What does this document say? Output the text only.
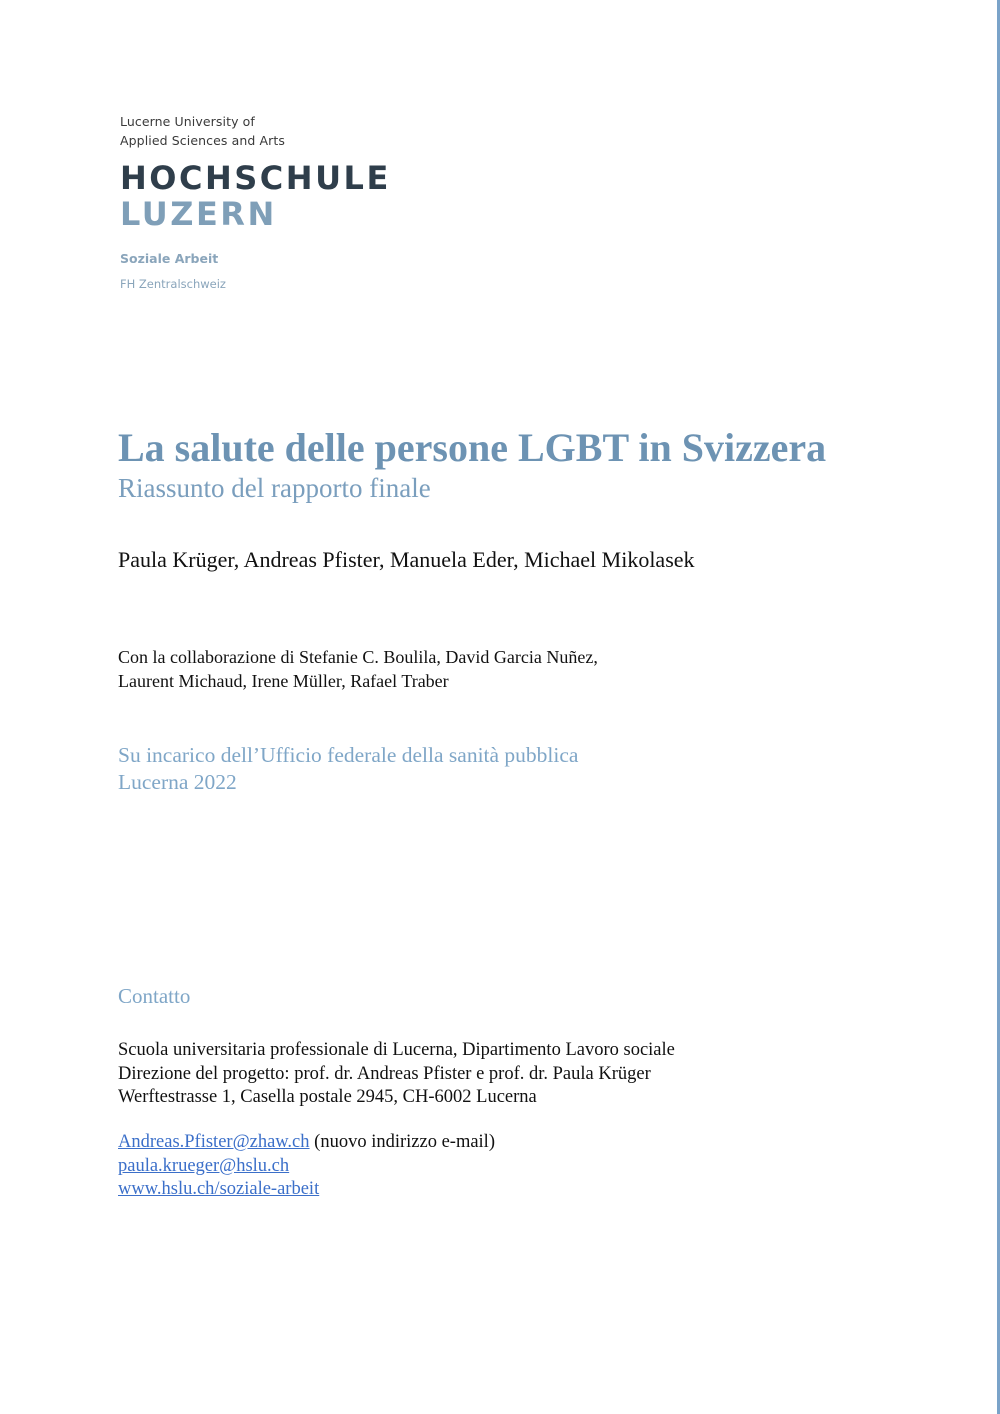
Lucerne University of
Applied Sciences and Arts
HOCHSCHULE
LUZERN
Soziale Arbeit
FH Zentralschweiz
La salute delle persone LGBT in Svizzera
Riassunto del rapporto finale
Paula Krüger, Andreas Pfister, Manuela Eder, Michael Mikolasek
Con la collaborazione di Stefanie C. Boulila, David Garcia Nuñez,
Laurent Michaud, Irene Müller, Rafael Traber
Su incarico dell’Ufficio federale della sanità pubblica
Lucerna 2022
Contatto
Scuola universitaria professionale di Lucerna, Dipartimento Lavoro sociale
Direzione del progetto: prof. dr. Andreas Pfister e prof. dr. Paula Krüger
Werftestrasse 1, Casella postale 2945, CH-6002 Lucerna
Andreas.Pfister@zhaw.ch (nuovo indirizzo e-mail)
paula.krueger@hslu.ch
www.hslu.ch/soziale-arbeit
